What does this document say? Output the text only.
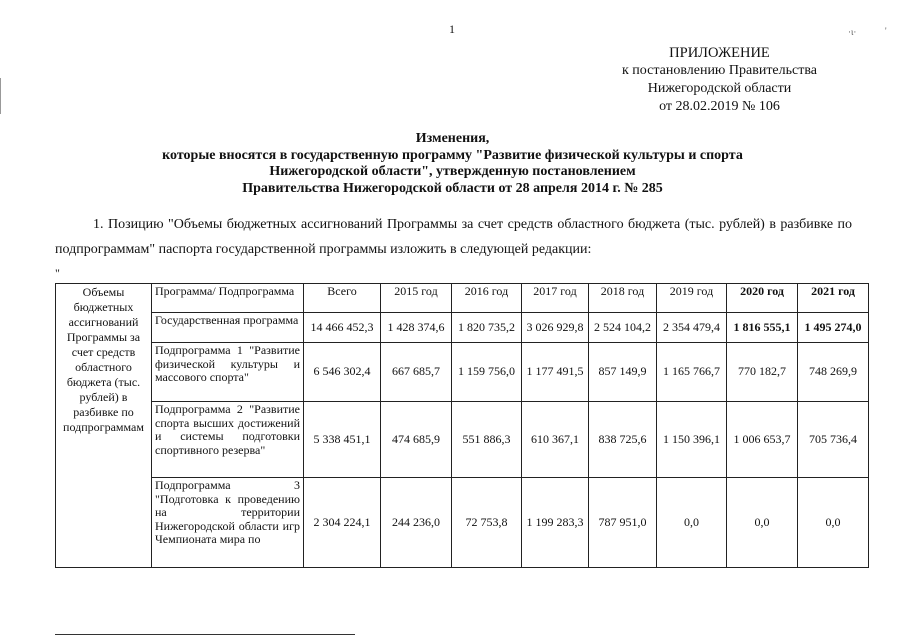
1	·ι·	'
ПРИЛОЖЕНИЕ
к постановлению Правительства
Нижегородской области
от 28.02.2019 № 106
Изменения,
которые вносятся в государственную программу "Развитие физической культуры и спорта
Нижегородской области", утвержденную постановлением
Правительства Нижегородской области от 28 апреля 2014 г. № 285

1. Позицию "Объемы бюджетных ассигнований Программы за счет средств областного бюджета (тыс. рублей) в разбивке по подпрограммам" паспорта государственной программы изложить в следующей редакции:

"
Объемы бюджетных ассигнований Программы за счет средств областного бюджета (тыс. рублей) в разбивке по подпрограммам	Программа/ Подпрограмма	Всего	2015 год	2016 год	2017 год	2018 год	2019 год	2020 год	2021 год
	Государственная программа	14 466 452,3	1 428 374,6	1 820 735,2	3 026 929,8	2 524 104,2	2 354 479,4	1 816 555,1	1 495 274,0
	Подпрограмма 1 "Развитие физической культуры и массового спорта"	6 546 302,4	667 685,7	1 159 756,0	1 177 491,5	857 149,9	1 165 766,7	770 182,7	748 269,9
	Подпрограмма 2 "Развитие спорта высших достижений и системы подготовки спортивного резерва"	5 338 451,1	474 685,9	551 886,3	610 367,1	838 725,6	1 150 396,1	1 006 653,7	705 736,4
	Подпрограмма 3 "Подготовка к проведению на территории Нижегородской области игр Чемпионата мира по	2 304 224,1	244 236,0	72 753,8	1 199 283,3	787 951,0	0,0	0,0	0,0
